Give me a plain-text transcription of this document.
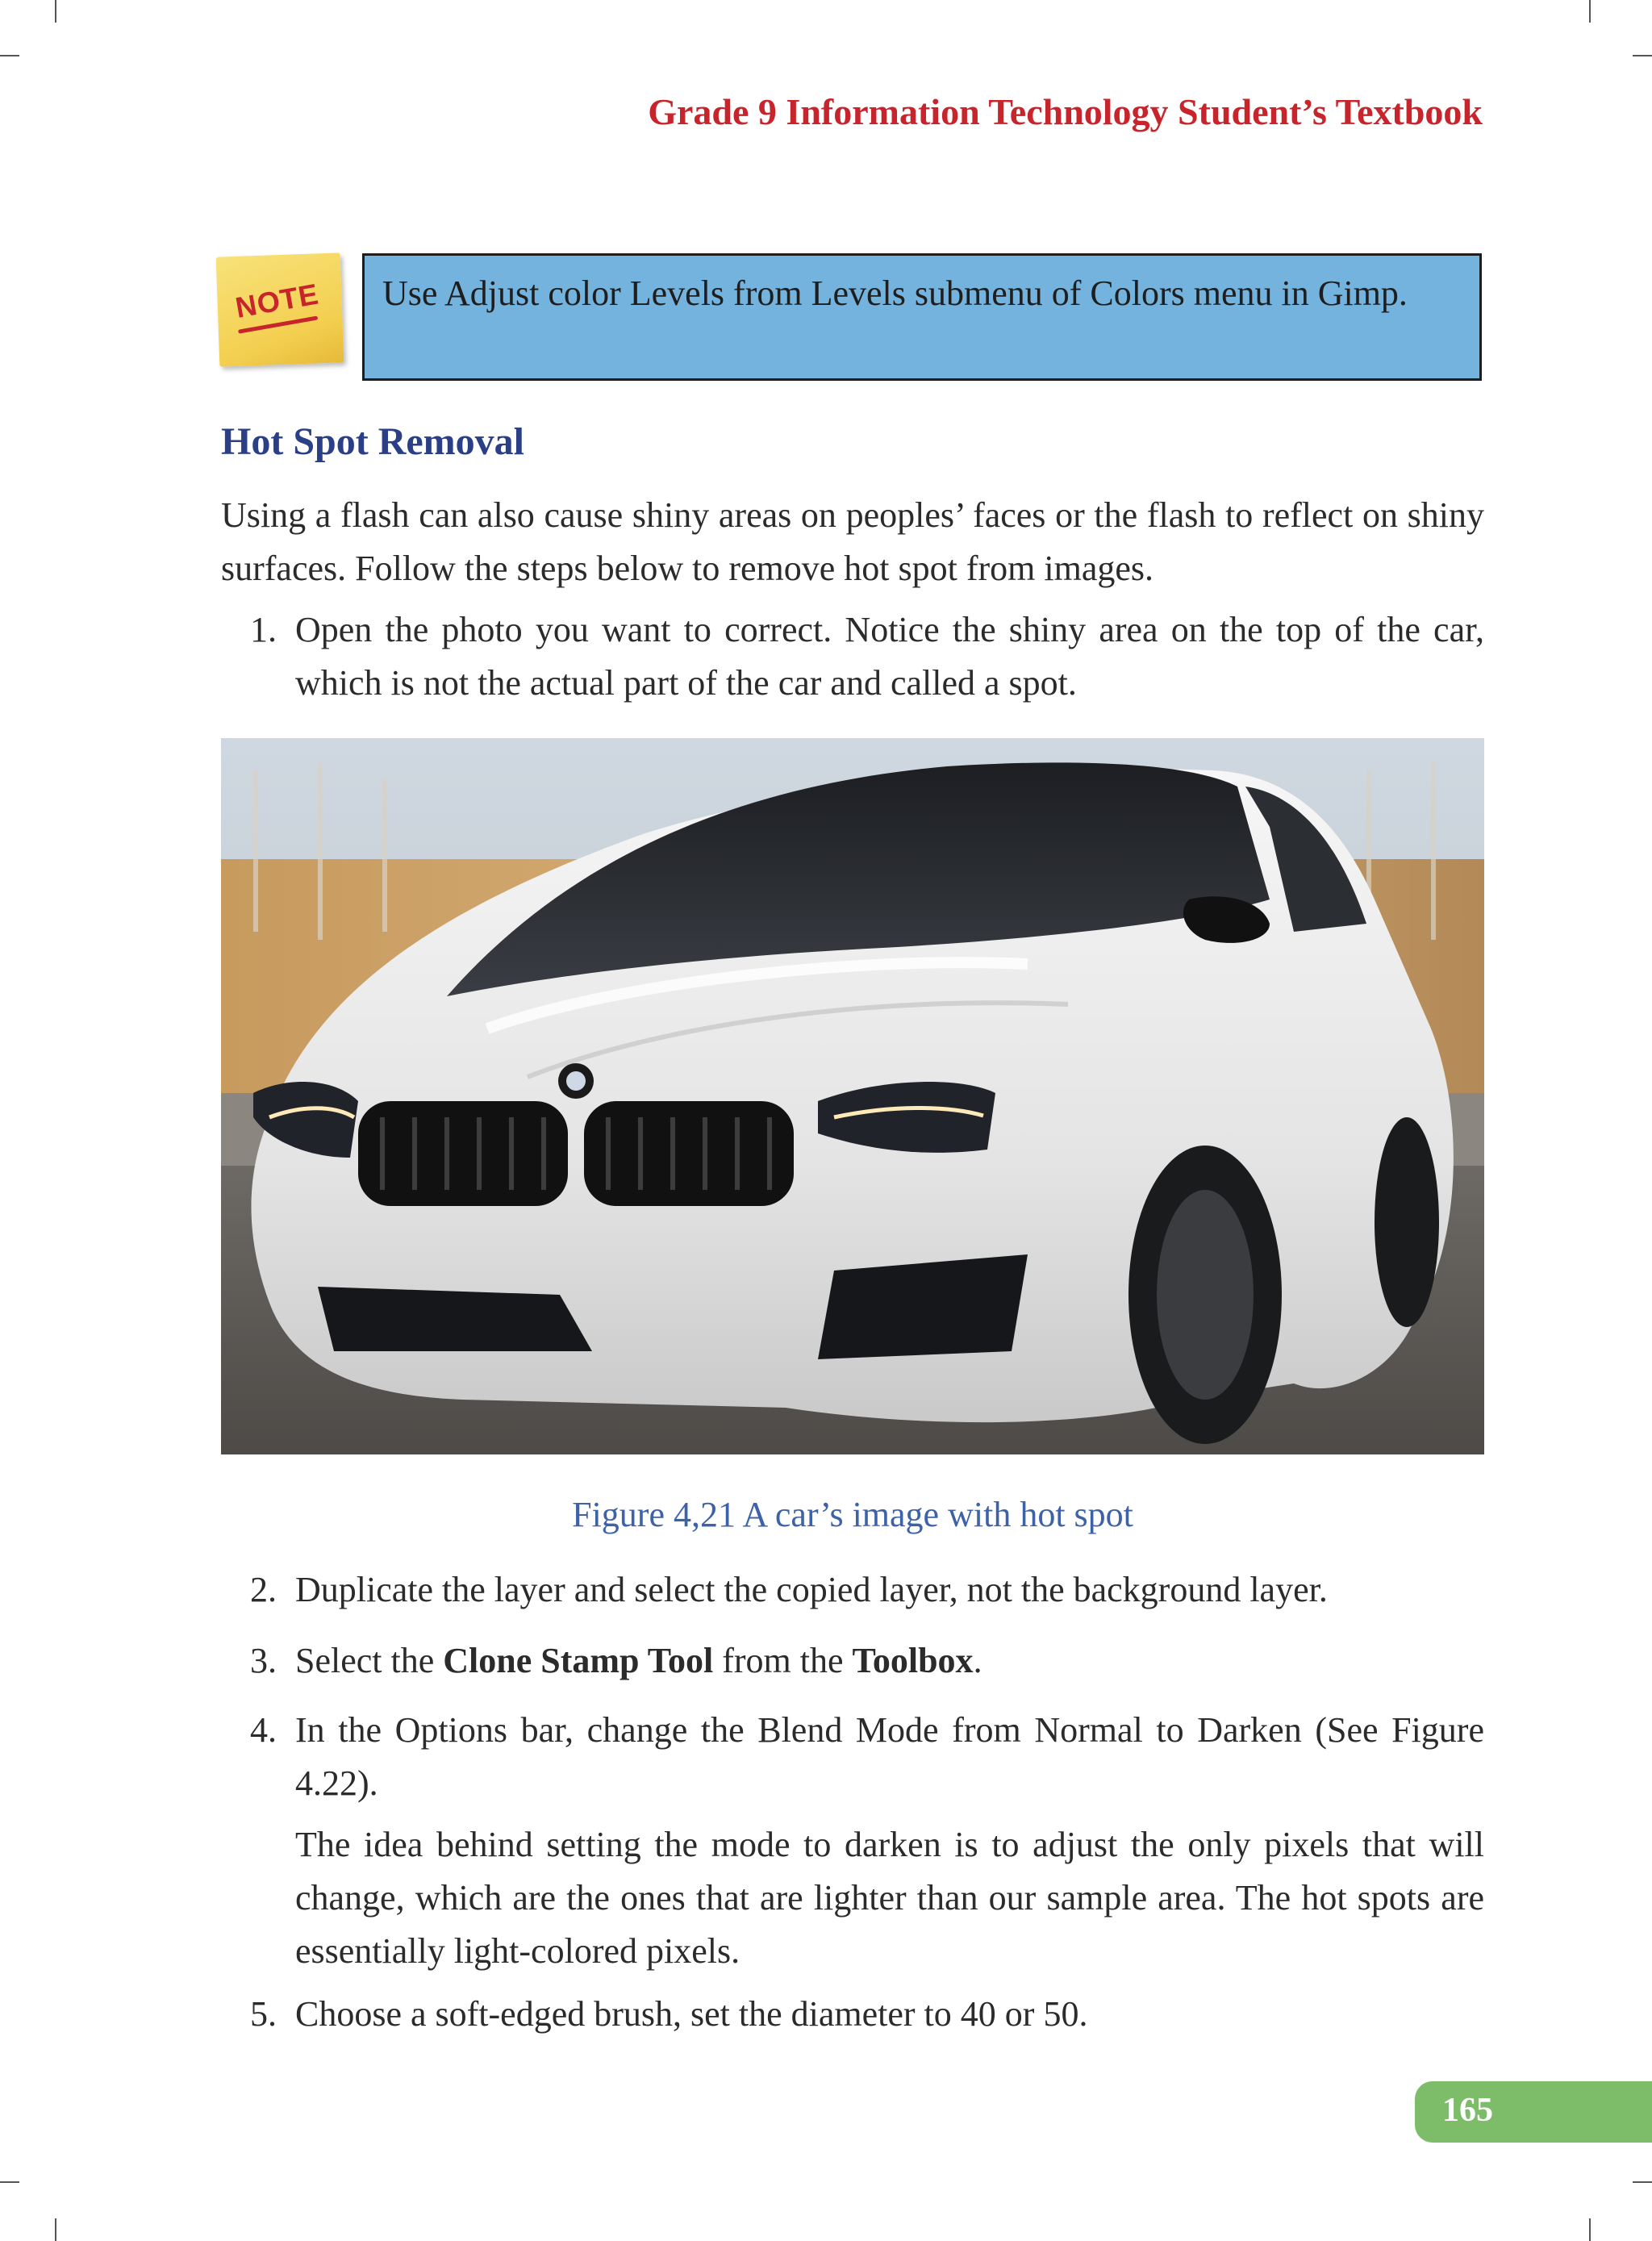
Grade 9 Information Technology Student’s Textbook
NOTE	Use Adjust color Levels from Levels submenu of Colors menu in Gimp.
Hot Spot Removal
Using a flash can also cause shiny areas on peoples’ faces or the flash to reflect on shiny surfaces. Follow the steps below to remove hot spot from images.
1. Open the photo you want to correct. Notice the shiny area on the top of the car, which is not the actual part of the car and called a spot.
Figure 4,21 A car’s image with hot spot
2. Duplicate the layer and select the copied layer, not the background layer.
3. Select the Clone Stamp Tool from the Toolbox.
4. In the Options bar, change the Blend Mode from Normal to Darken (See Figure 4.22).
The idea behind setting the mode to darken is to adjust the only pixels that will change, which are the ones that are lighter than our sample area. The hot spots are essentially light-colored pixels.
5. Choose a soft-edged brush, set the diameter to 40 or 50.
165
